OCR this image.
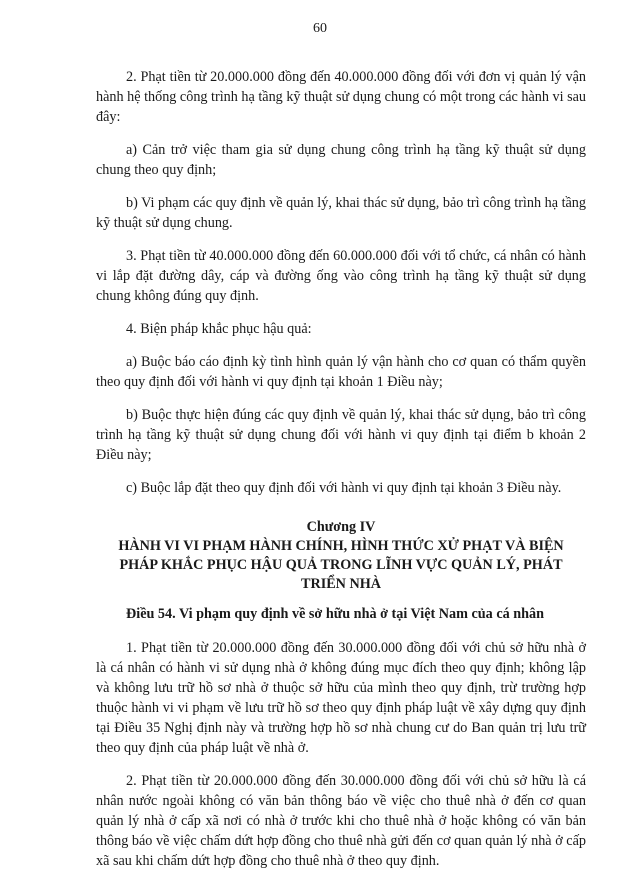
60

2. Phạt tiền từ 20.000.000 đồng đến 40.000.000 đồng đối với đơn vị quản lý vận hành hệ thống công trình hạ tầng kỹ thuật sử dụng chung có một trong các hành vi sau đây:

a) Cản trở việc tham gia sử dụng chung công trình hạ tầng kỹ thuật sử dụng chung theo quy định;

b) Vi phạm các quy định về quản lý, khai thác sử dụng, bảo trì công trình hạ tầng kỹ thuật sử dụng chung.

3. Phạt tiền từ 40.000.000 đồng đến 60.000.000 đối với tổ chức, cá nhân có hành vi lắp đặt đường dây, cáp và đường ống vào công trình hạ tầng kỹ thuật sử dụng chung không đúng quy định.

4. Biện pháp khắc phục hậu quả:

a) Buộc báo cáo định kỳ tình hình quản lý vận hành cho cơ quan có thẩm quyền theo quy định đối với hành vi quy định tại khoản 1 Điều này;

b) Buộc thực hiện đúng các quy định về quản lý, khai thác sử dụng, bảo trì công trình hạ tầng kỹ thuật sử dụng chung đối với hành vi quy định tại điểm b khoản 2 Điều này;

c) Buộc lắp đặt theo quy định đối với hành vi quy định tại khoản 3 Điều này.

Chương IV
HÀNH VI VI PHẠM HÀNH CHÍNH, HÌNH THỨC XỬ PHẠT VÀ BIỆN PHÁP KHẮC PHỤC HẬU QUẢ TRONG LĨNH VỰC QUẢN LÝ, PHÁT TRIỂN NHÀ

Điều 54. Vi phạm quy định về sở hữu nhà ở tại Việt Nam của cá nhân

1. Phạt tiền từ 20.000.000 đồng đến 30.000.000 đồng đối với chủ sở hữu nhà ở là cá nhân có hành vi sử dụng nhà ở không đúng mục đích theo quy định; không lập và không lưu trữ hồ sơ nhà ở thuộc sở hữu của mình theo quy định, trừ trường hợp thuộc hành vi vi phạm về lưu trữ hồ sơ theo quy định pháp luật về xây dựng quy định tại Điều 35 Nghị định này và trường hợp hồ sơ nhà chung cư do Ban quản trị lưu trữ theo quy định của pháp luật về nhà ở.

2. Phạt tiền từ 20.000.000 đồng đến 30.000.000 đồng đối với chủ sở hữu là cá nhân nước ngoài không có văn bản thông báo về việc cho thuê nhà ở đến cơ quan quản lý nhà ở cấp xã nơi có nhà ở trước khi cho thuê nhà ở hoặc không có văn bản thông báo về việc chấm dứt hợp đồng cho thuê nhà gửi đến cơ quan quản lý nhà ở cấp xã sau khi chấm dứt hợp đồng cho thuê nhà ở theo quy định.
